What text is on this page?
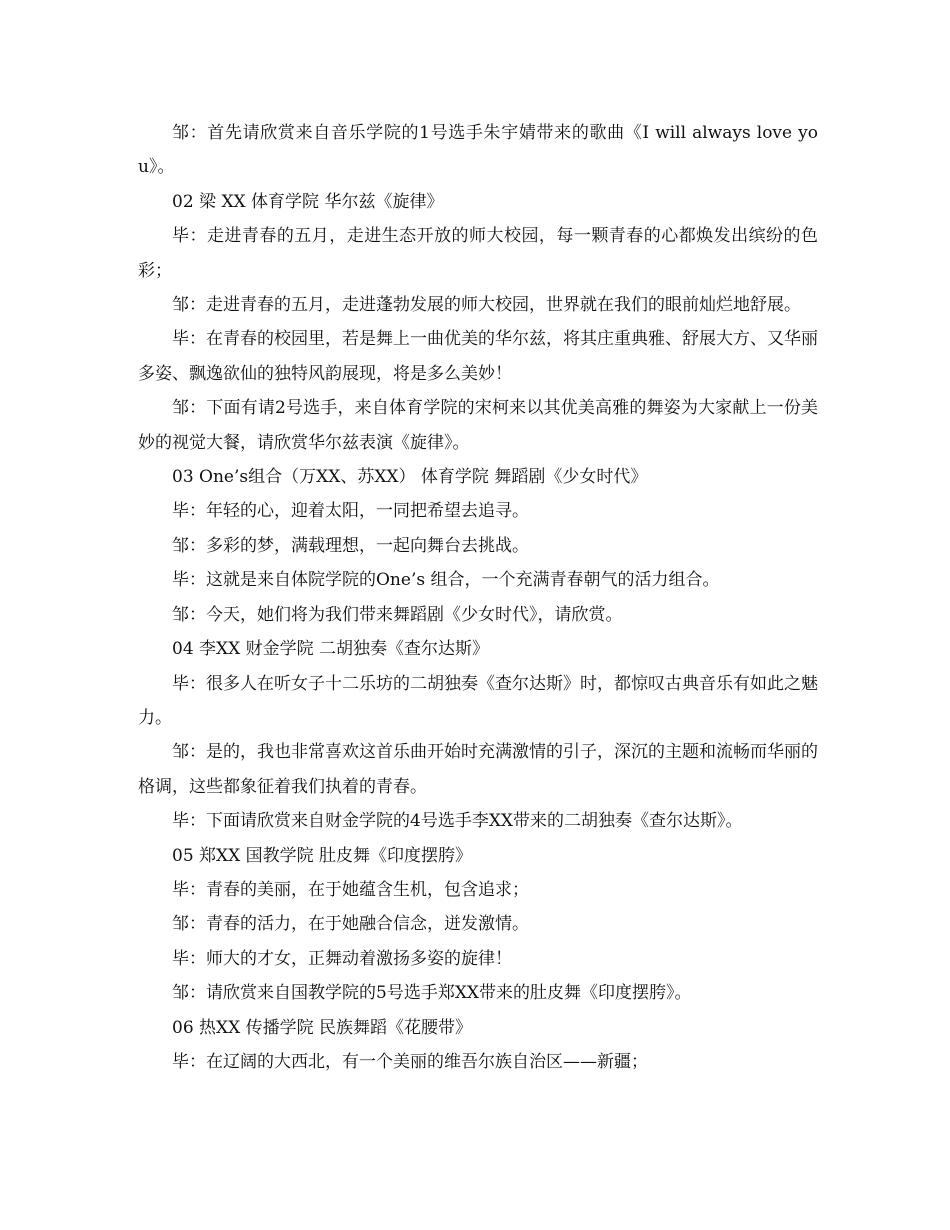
邹：首先请欣赏来自音乐学院的1号选手朱宇婧带来的歌曲《I will always love you》。

02 梁 XX 体育学院 华尔兹《旋律》

毕：走进青春的五月，走进生态开放的师大校园，每一颗青春的心都焕发出缤纷的色彩；

邹：走进青春的五月，走进蓬勃发展的师大校园，世界就在我们的眼前灿烂地舒展。

毕：在青春的校园里，若是舞上一曲优美的华尔兹，将其庄重典雅、舒展大方、又华丽多姿、飘逸欲仙的独特风韵展现，将是多么美妙！

邹：下面有请2号选手，来自体育学院的宋柯来以其优美高雅的舞姿为大家献上一份美妙的视觉大餐，请欣赏华尔兹表演《旋律》。

03 One’s组合（万XX、苏XX） 体育学院 舞蹈剧《少女时代》

毕：年轻的心，迎着太阳，一同把希望去追寻。

邹：多彩的梦，满载理想，一起向舞台去挑战。

毕：这就是来自体院学院的One’s 组合，一个充满青春朝气的活力组合。

邹：今天，她们将为我们带来舞蹈剧《少女时代》，请欣赏。

04 李XX 财金学院 二胡独奏《查尔达斯》

毕：很多人在听女子十二乐坊的二胡独奏《查尔达斯》时，都惊叹古典音乐有如此之魅力。

邹：是的，我也非常喜欢这首乐曲开始时充满激情的引子，深沉的主题和流畅而华丽的格调，这些都象征着我们执着的青春。

毕：下面请欣赏来自财金学院的4号选手李XX带来的二胡独奏《查尔达斯》。

05 郑XX 国教学院 肚皮舞《印度摆胯》

毕：青春的美丽，在于她蕴含生机，包含追求；

邹：青春的活力，在于她融合信念，迸发激情。

毕：师大的才女，正舞动着激扬多姿的旋律！

邹：请欣赏来自国教学院的5号选手郑XX带来的肚皮舞《印度摆胯》。

06 热XX 传播学院 民族舞蹈《花腰带》

毕：在辽阔的大西北，有一个美丽的维吾尔族自治区——新疆；
